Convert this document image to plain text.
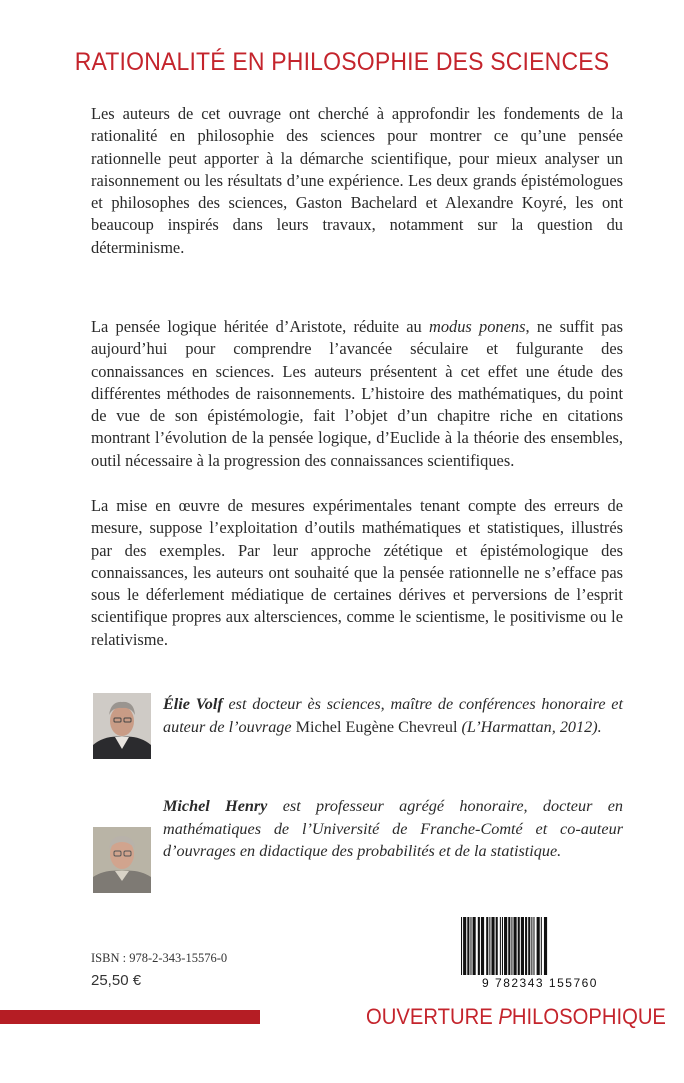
RATIONALITÉ EN PHILOSOPHIE DES SCIENCES

Les auteurs de cet ouvrage ont cherché à approfondir les fondements de la rationalité en philosophie des sciences pour montrer ce qu’une pensée rationnelle peut apporter à la démarche scientifique, pour mieux analyser un raisonnement ou les résultats d’une expérience. Les deux grands épistémologues et philosophes des sciences, Gaston Bachelard et Alexandre Koyré, les ont beaucoup inspirés dans leurs travaux, notamment sur la question du déterminisme.

La pensée logique héritée d’Aristote, réduite au modus ponens, ne suffit pas aujourd’hui pour comprendre l’avancée séculaire et fulgurante des connaissances en sciences. Les auteurs présentent à cet effet une étude des différentes méthodes de raisonnements. L’histoire des mathématiques, du point de vue de son épistémologie, fait l’objet d’un chapitre riche en citations montrant l’évolution de la pensée logique, d’Euclide à la théorie des ensembles, outil nécessaire à la progression des connaissances scientifiques.

La mise en œuvre de mesures expérimentales tenant compte des erreurs de mesure, suppose l’exploitation d’outils mathématiques et statistiques, illustrés par des exemples. Par leur approche zététique et épistémologique des connaissances, les auteurs ont souhaité que la pensée rationnelle ne s’efface pas sous le déferlement médiatique de certaines dérives et perversions de l’esprit scientifique propres aux altersciences, comme le scientisme, le positivisme ou le relativisme.

Élie Volf est docteur ès sciences, maître de conférences honoraire et auteur de l’ouvrage Michel Eugène Chevreul (L’Harmattan, 2012).

Michel Henry est professeur agrégé honoraire, docteur en mathématiques de l’Université de Franche-Comté et co-auteur d’ouvrages en didactique des probabilités et de la statistique.

ISBN : 978-2-343-15576-0

25,50 €	9 782343 155760

OUVERTURE PHILOSOPHIQUE
